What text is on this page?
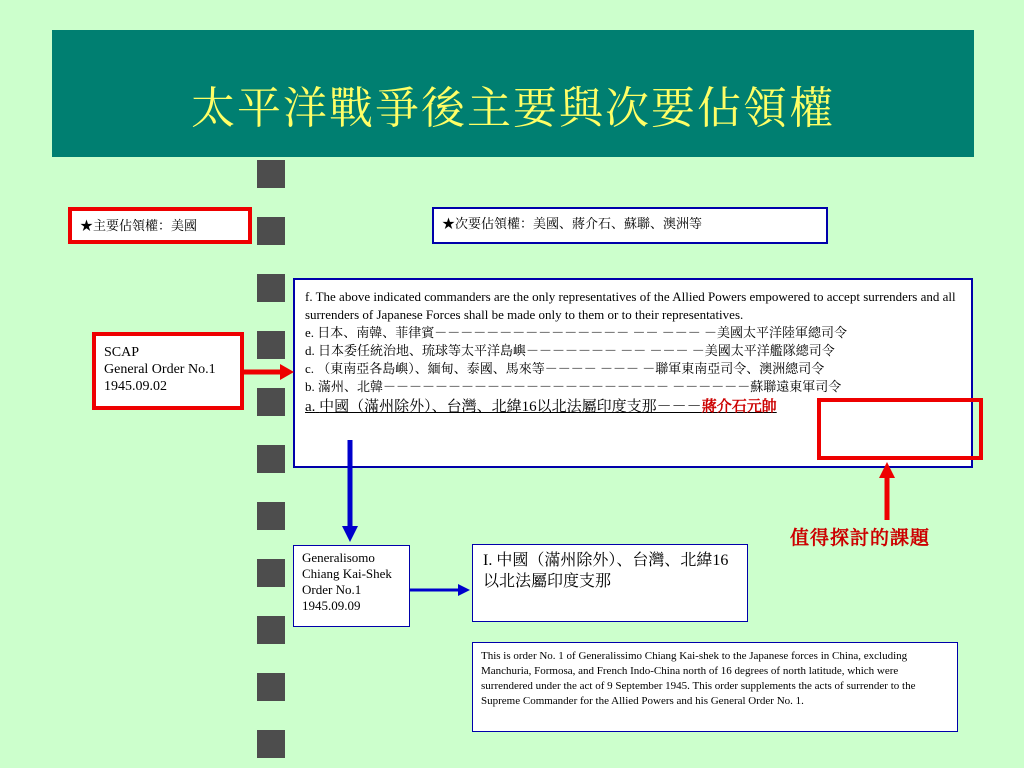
太平洋戰爭後主要與次要佔領權
★主要佔領權：美國	★次要佔領權：美國、蔣介石、蘇聯、澳洲等
SCAP
General Order No.1
1945.09.02
f. The above indicated commanders are the only representatives of the Allied Powers empowered to accept surrenders and all surrenders of Japanese Forces shall be made only to them or to their representatives.
e. 日本、南韓、菲律賓－－－－－－－－－－－－－－－ －－ －－－ －美國太平洋陸軍總司令
d. 日本委任統治地、琉球等太平洋島嶼－－－－－－－ －－ －－－ －美國太平洋艦隊總司令
c. （東南亞各島嶼）、緬甸、泰國、馬來等－－－－ －－－ －聯軍東南亞司令、澳洲總司令
b. 滿州、北韓－－－－－－－－－－－－－－－－－－－－－－ －－－－－－蘇聯遠東軍司令
a. 中國（滿州除外）、台灣、北緯16以北法屬印度支那－－－蔣介石元帥
值得探討的課題
Generalisomo
Chiang Kai-Shek
Order No.1
1945.09.09
I. 中國（滿州除外）、台灣、北緯16以北法屬印度支那
This is order No. 1 of Generalissimo Chiang Kai-shek to the Japanese forces in China, excluding Manchuria, Formosa, and French Indo-China north of 16 degrees of north latitude, which were surrendered under the act of 9 September 1945. This order supplements the acts of surrender to the Supreme Commander for the Allied Powers and his General Order No. 1.
